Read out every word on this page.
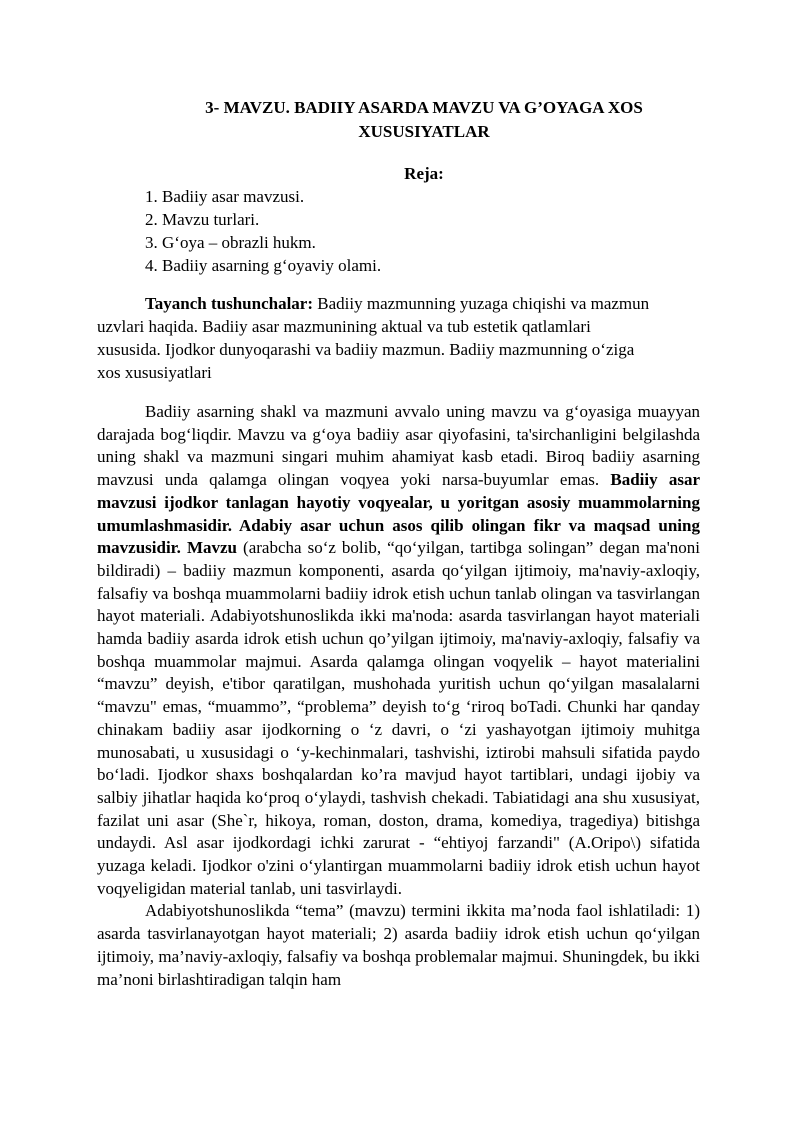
3- MAVZU. BADIIY ASARDA MAVZU VA G’OYAGA XOS
XUSUSIYATLAR
Reja:
1. Badiiy asar mavzusi.
2. Mavzu turlari.
3. G‘oya – obrazli hukm.
4. Badiiy asarning g‘oyaviy olami.
Tayanch tushunchalar: Badiiy mazmunning yuzaga chiqishi va mazmun uzvlari haqida. Badiiy asar mazmunining aktual va tub estetik qatlamlari xususida. Ijodkor dunyoqarashi va badiiy mazmun. Badiiy mazmunning o‘ziga xos xususiyatlari

Badiiy asarning shakl va mazmuni avvalo uning mavzu va g‘oyasiga muayyan darajada bog‘liqdir. Mavzu va g‘oya badiiy asar qiyofasini, ta'sirchanligini belgilashda uning shakl va mazmuni singari muhim ahamiyat kasb etadi. Biroq badiiy asarning mavzusi unda qalamga olingan voqyea yoki narsa-buyumlar emas. Badiiy asar mavzusi ijodkor tanlagan hayotiy voqyealar, u yoritgan asosiy muammolarning umumlashmasidir. Adabiy asar uchun asos qilib olingan fikr va maqsad uning mavzusidir. Mavzu (arabcha so‘z bolib, “qo‘yilgan, tartibga solingan” degan ma'noni bildiradi) – badiiy mazmun komponenti, asarda qo‘yilgan ijtimoiy, ma'naviy-axloqiy, falsafiy va boshqa muammolarni badiiy idrok etish uchun tanlab olingan va tasvirlangan hayot materiali. Adabiyotshunoslikda ikki ma'noda: asarda tasvirlangan hayot materiali hamda badiiy asarda idrok etish uchun qo’yilgan ijtimoiy, ma'naviy-axloqiy, falsafiy va boshqa muammolar majmui. Asarda qalamga olingan voqyelik – hayot materialini “mavzu” deyish, e'tibor qaratilgan, mushohada yuritish uchun qo‘yilgan masalalarni “mavzu" emas, “muammo”, “problema” deyish to‘g ‘riroq boTadi. Chunki har qanday chinakam badiiy asar ijodkorning o ‘z davri, o ‘zi yashayotgan ijtimoiy muhitga munosabati, u xususidagi o ‘y-kechinmalari, tashvishi, iztirobi mahsuli sifatida paydo bo‘ladi. Ijodkor shaxs boshqalardan ko’ra mavjud hayot tartiblari, undagi ijobiy va salbiy jihatlar haqida ko‘proq o‘ylaydi, tashvish chekadi. Tabiatidagi ana shu xususiyat, fazilat uni asar (She`r, hikoya, roman, doston, drama, komediya, tragediya) bitishga undaydi. Asl asar ijodkordagi ichki zarurat - “ehtiyoj farzandi" (A.Oripo\) sifatida yuzaga keladi. Ijodkor o'zini o‘ylantirgan muammolarni badiiy idrok etish uchun hayot voqyeligidan material tanlab, uni tasvirlaydi.

Adabiyotshunoslikda “tema” (mavzu) termini ikkita ma’noda faol ishlatiladi: 1) asarda tasvirlanayotgan hayot materiali; 2) asarda badiiy idrok etish uchun qo‘yilgan ijtimoiy, ma’naviy-axloqiy, falsafiy va boshqa problemalar majmui. Shuningdek, bu ikki ma’noni birlashtiradigan talqin ham
